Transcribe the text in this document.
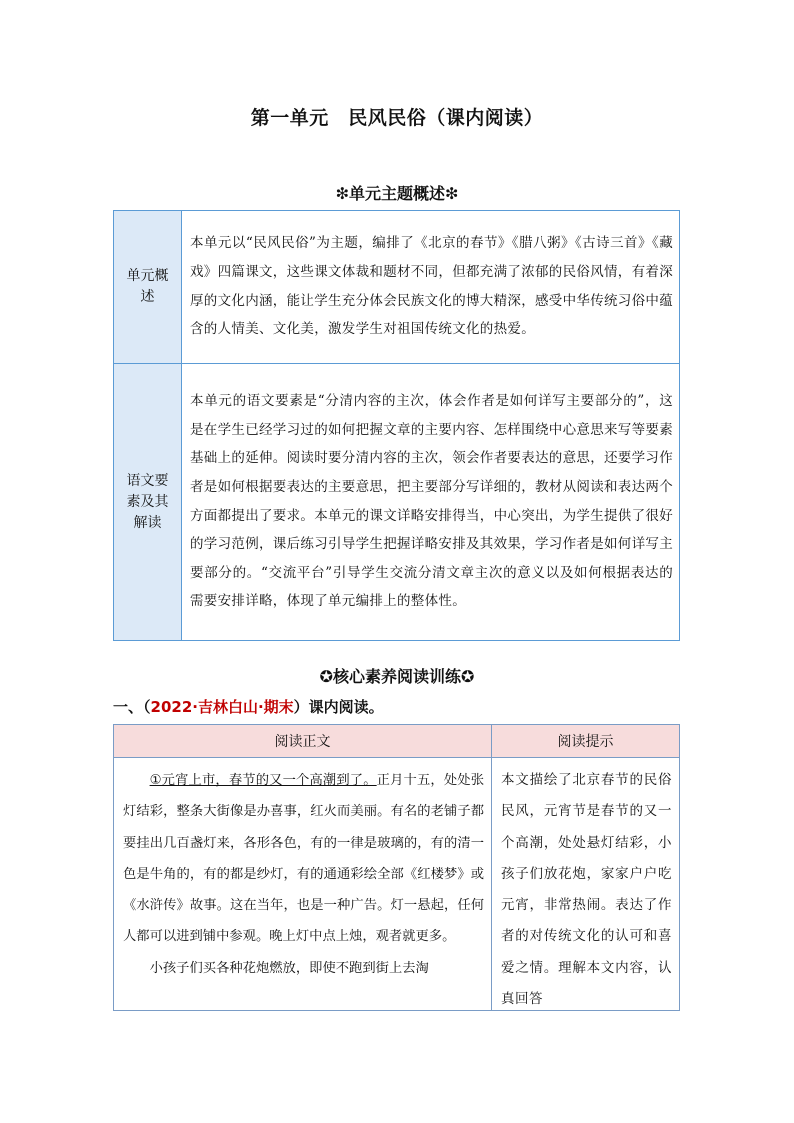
第一单元　民风民俗（课内阅读）
❇单元主题概述❇
单元概述	本单元以“民风民俗”为主题，编排了《北京的春节》《腊八粥》《古诗三首》《藏戏》四篇课文，这些课文体裁和题材不同，但都充满了浓郁的民俗风情，有着深厚的文化内涵，能让学生充分体会民族文化的博大精深，感受中华传统习俗中蕴含的人情美、文化美，激发学生对祖国传统文化的热爱。
语文要素及其解读	本单元的语文要素是“分清内容的主次，体会作者是如何详写主要部分的”，这是在学生已经学习过的如何把握文章的主要内容、怎样围绕中心意思来写等要素基础上的延伸。阅读时要分清内容的主次，领会作者要表达的意思，还要学习作者是如何根据要表达的主要意思，把主要部分写详细的，教材从阅读和表达两个方面都提出了要求。本单元的课文详略安排得当，中心突出，为学生提供了很好的学习范例，课后练习引导学生把握详略安排及其效果，学习作者是如何详写主要部分的。“交流平台”引导学生交流分清文章主次的意义以及如何根据表达的需要安排详略，体现了单元编排上的整体性。
✪核心素养阅读训练✪
一、（2022·吉林白山·期末）课内阅读。
阅读正文	阅读提示

①元宵上市，春节的又一个高潮到了。正月十五，处处张灯结彩，整条大街像是办喜事，红火而美丽。有名的老铺子都要挂出几百盏灯来，各形各色，有的一律是玻璃的，有的清一色是牛角的，有的都是纱灯，有的通通彩绘全部《红楼梦》或《水浒传》故事。这在当年，也是一种广告。灯一悬起，任何人都可以进到铺中参观。晚上灯中点上烛，观者就更多。

小孩子们买各种花炮燃放，即使不跑到街上去淘	本文描绘了北京春节的民俗民风，元宵节是春节的又一个高潮，处处悬灯结彩，小孩子们放花炮，家家户户吃元宵，非常热闹。表达了作者的对传统文化的认可和喜爱之情。理解本文内容，认真回答
